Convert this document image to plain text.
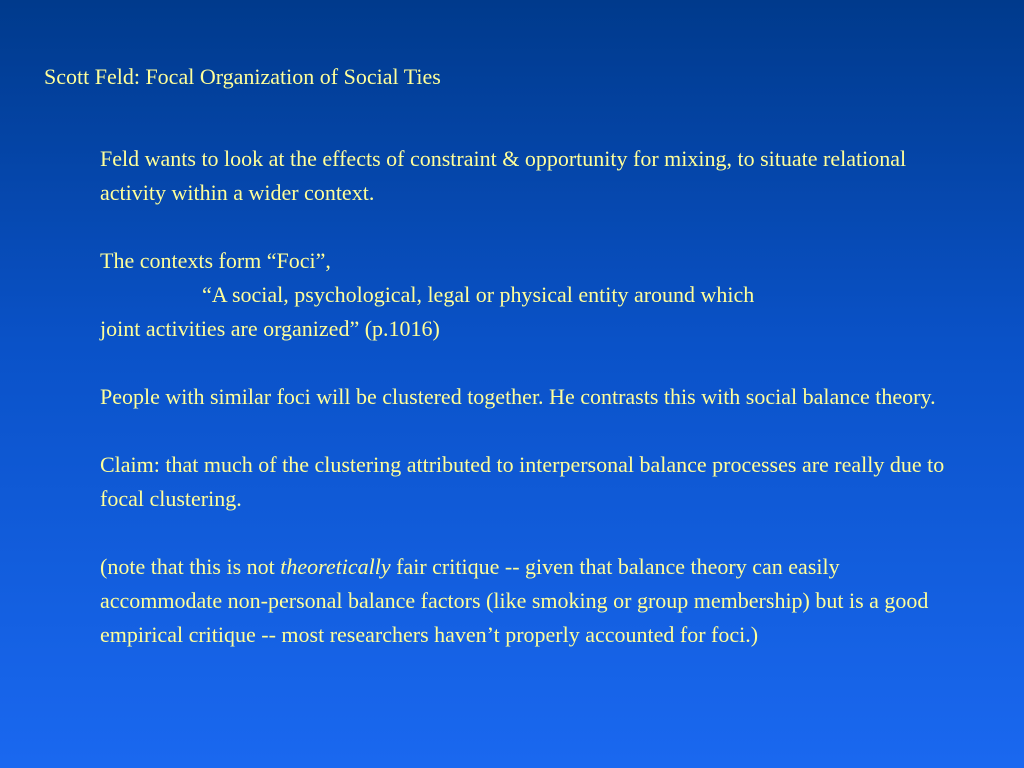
Scott Feld: Focal Organization of Social Ties

Feld wants to look at the effects of constraint & opportunity for mixing, to situate relational activity within a wider context.

The contexts form “Foci”,

“A social, psychological, legal or physical entity around which
joint activities are organized” (p.1016)

People with similar foci will be clustered together. He contrasts this with social balance theory.

Claim: that much of the clustering attributed to interpersonal balance processes are really due to focal clustering.

(note that this is not theoretically fair critique -- given that balance theory can easily accommodate non-personal balance factors (like smoking or group membership) but is a good empirical critique -- most researchers haven’t properly accounted for foci.)
